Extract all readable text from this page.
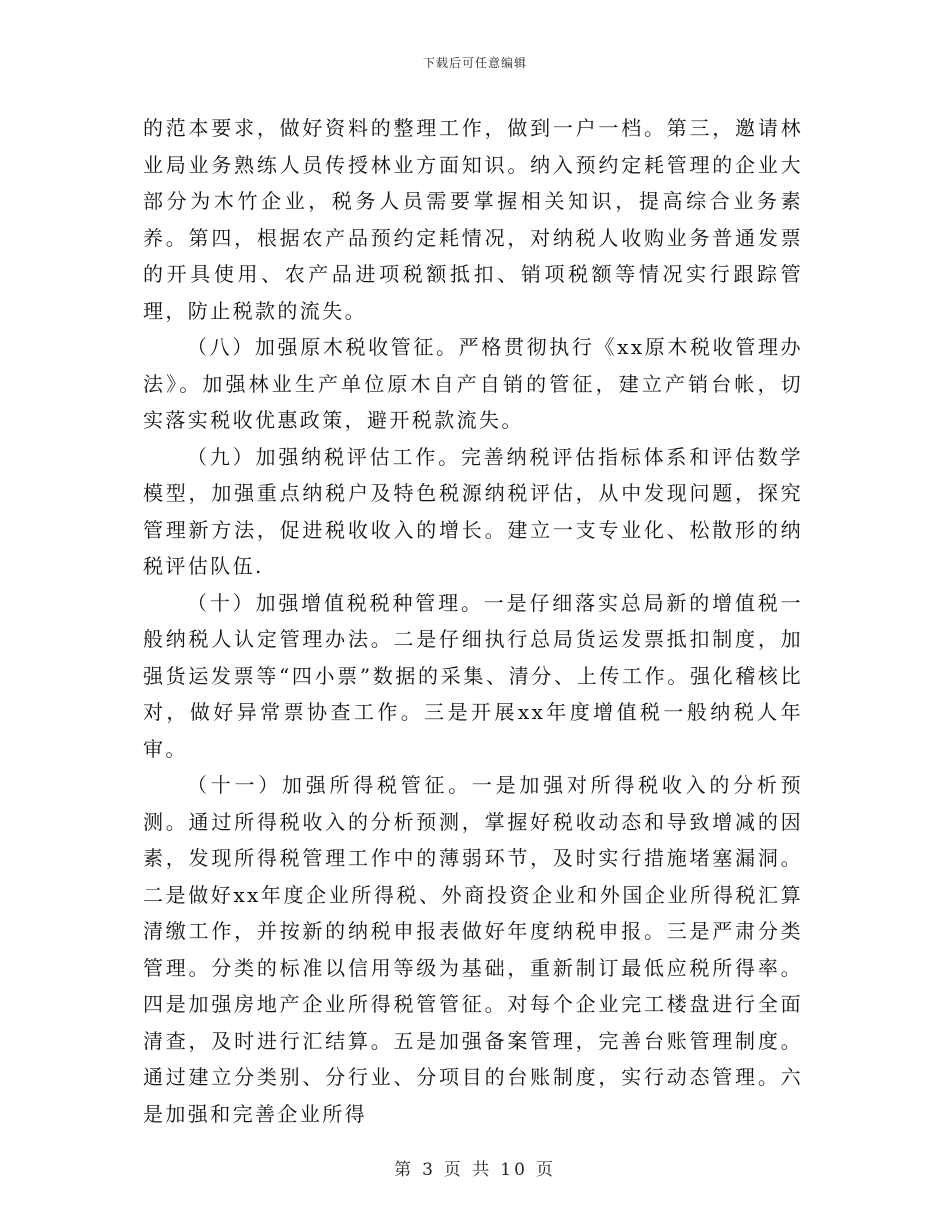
下载后可任意编辑

的范本要求，做好资料的整理工作，做到一户一档。第三，邀请林业局业务熟练人员传授林业方面知识。纳入预约定耗管理的企业大部分为木竹企业，税务人员需要掌握相关知识，提高综合业务素养。第四，根据农产品预约定耗情况，对纳税人收购业务普通发票的开具使用、农产品进项税额抵扣、销项税额等情况实行跟踪管理，防止税款的流失。

（八）加强原木税收管征。严格贯彻执行《xx原木税收管理办法》。加强林业生产单位原木自产自销的管征，建立产销台帐，切实落实税收优惠政策，避开税款流失。

（九）加强纳税评估工作。完善纳税评估指标体系和评估数学模型，加强重点纳税户及特色税源纳税评估，从中发现问题，探究管理新方法，促进税收收入的增长。建立一支专业化、松散形的纳税评估队伍.

（十）加强增值税税种管理。一是仔细落实总局新的增值税一般纳税人认定管理办法。二是仔细执行总局货运发票抵扣制度，加强货运发票等“四小票”数据的采集、清分、上传工作。强化稽核比对，做好异常票协查工作。三是开展xx年度增值税一般纳税人年审。

（十一）加强所得税管征。一是加强对所得税收入的分析预测。通过所得税收入的分析预测，掌握好税收动态和导致增减的因素，发现所得税管理工作中的薄弱环节，及时实行措施堵塞漏洞。二是做好xx年度企业所得税、外商投资企业和外国企业所得税汇算清缴工作，并按新的纳税申报表做好年度纳税申报。三是严肃分类管理。分类的标准以信用等级为基础，重新制订最低应税所得率。四是加强房地产企业所得税管管征。对每个企业完工楼盘进行全面清查，及时进行汇结算。五是加强备案管理，完善台账管理制度。通过建立分类别、分行业、分项目的台账制度，实行动态管理。六是加强和完善企业所得

第 3 页 共 10 页
